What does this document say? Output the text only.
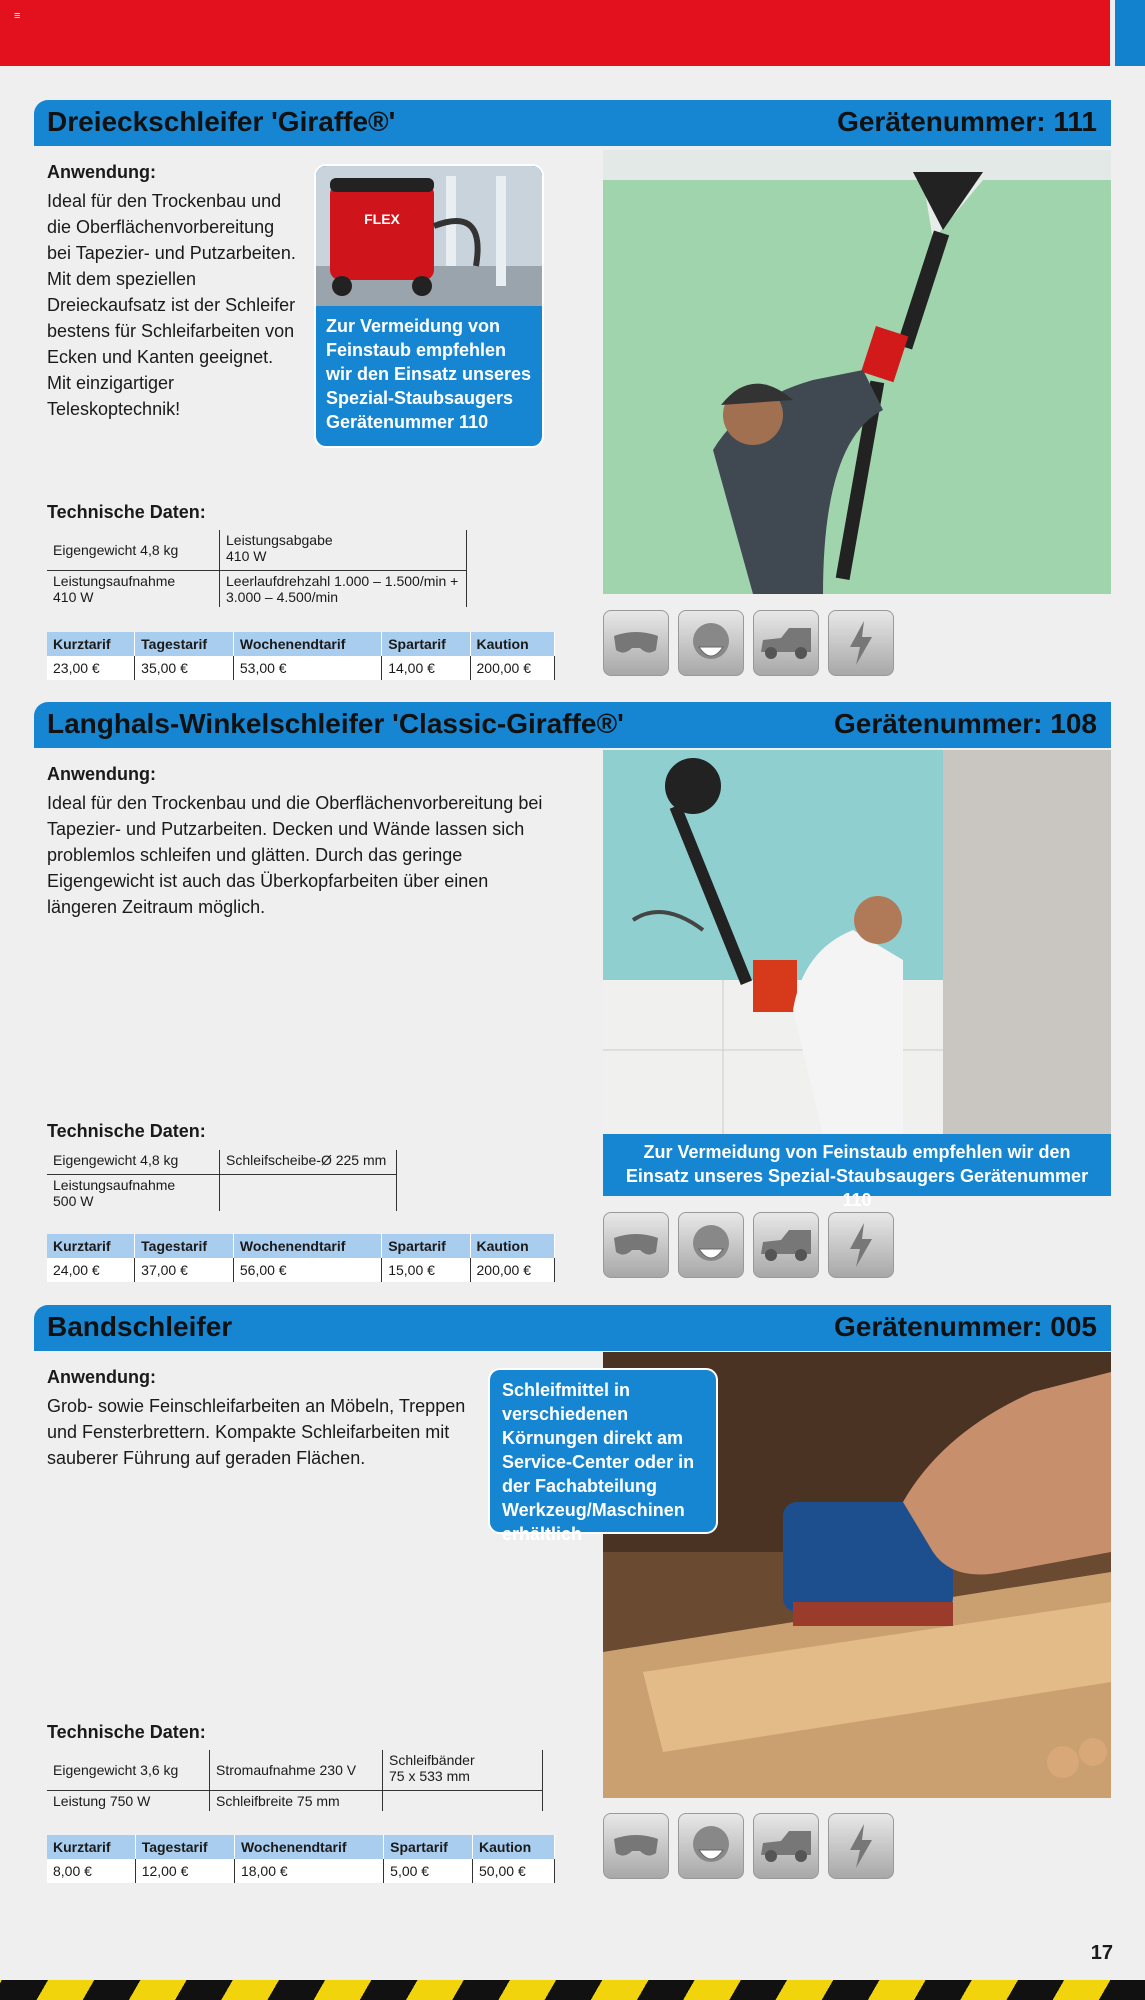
≡
Dreieckschleifer 'Giraffe®'	Gerätenummer: 111
Anwendung:
Ideal für den Trockenbau und die Oberflächenvorbereitung bei Tapezier- und Putzarbeiten. Mit dem speziellen Dreieckaufsatz ist der Schleifer bestens für Schleifarbeiten von Ecken und Kanten geeignet. Mit einzigartiger Teleskoptechnik!
FLEX
Zur Vermeidung von Feinstaub empfehlen wir den Einsatz unseres Spezial-Staubsaugers Gerätenummer 110
Technische Daten:
Eigengewicht 4,8 kg	Leistungsabgabe
410 W
Leistungsaufnahme
410 W	Leerlaufdrehzahl 1.000 – 1.500/min +
3.000 – 4.500/min
Kurztarif	Tagestarif	Wochenendtarif	Spartarif	Kaution
23,00 €	35,00 €	53,00 €	14,00 €	200,00 €
Langhals-Winkelschleifer 'Classic-Giraffe®'	Gerätenummer: 108
Anwendung:
Ideal für den Trockenbau und die Oberflächenvorbereitung bei Tapezier- und Putzarbeiten. Decken und Wände lassen sich problemlos schleifen und glätten. Durch das geringe Eigengewicht ist auch das Überkopfarbeiten über einen längeren Zeitraum möglich.
Zur Vermeidung von Feinstaub empfehlen wir den Einsatz unseres Spezial-Staubsaugers Gerätenummer 110
Technische Daten:
Eigengewicht 4,8 kg	Schleifscheibe-Ø 225 mm
Leistungsaufnahme
500 W	
Kurztarif	Tagestarif	Wochenendtarif	Spartarif	Kaution
24,00 €	37,00 €	56,00 €	15,00 €	200,00 €
Bandschleifer	Gerätenummer: 005
Anwendung:
Grob- sowie Feinschleifarbeiten an Möbeln, Treppen und Fensterbrettern. Kompakte Schleifarbeiten mit sauberer Führung auf geraden Flächen.
Schleifmittel in verschiedenen Körnungen direkt am Service-Center oder in der Fachabteilung Werkzeug/Maschinen erhältlich
Technische Daten:
Eigengewicht 3,6 kg	Stromaufnahme 230 V	Schleifbänder
75 x 533 mm
Leistung 750 W	Schleifbreite 75 mm	
Kurztarif	Tagestarif	Wochenendtarif	Spartarif	Kaution
8,00 €	12,00 €	18,00 €	5,00 €	50,00 €
17
